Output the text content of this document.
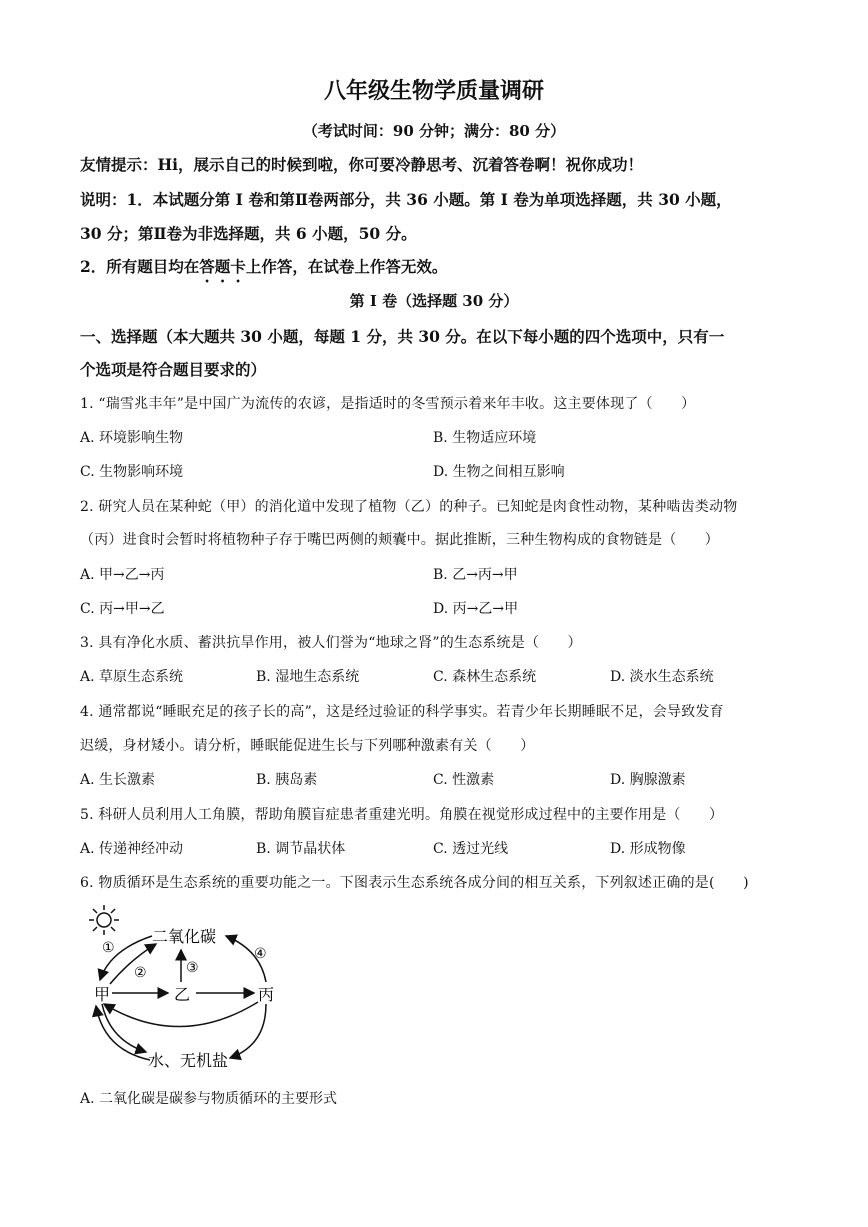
八年级生物学质量调研
（考试时间：90 分钟；满分：80 分）
友情提示：Hi，展示自己的时候到啦，你可要冷静思考、沉着答卷啊！祝你成功！
说明：1．本试题分第 I 卷和第Ⅱ卷两部分，共 36 小题。第 I 卷为单项选择题，共 30 小题，
30 分；第Ⅱ卷为非选择题，共 6 小题，50 分。
2．所有题目均在答题卡上作答，在试卷上作答无效。
第 I 卷（选择题 30 分）
一、选择题（本大题共 30 小题，每题 1 分，共 30 分。在以下每小题的四个选项中，只有一
个选项是符合题目要求的）
1. “瑞雪兆丰年”是中国广为流传的农谚，是指适时的冬雪预示着来年丰收。这主要体现了（　　）
A. 环境影响生物	B. 生物适应环境
C. 生物影响环境	D. 生物之间相互影响
2. 研究人员在某种蛇（甲）的消化道中发现了植物（乙）的种子。已知蛇是肉食性动物，某种啮齿类动物
（丙）进食时会暂时将植物种子存于嘴巴两侧的颊囊中。据此推断，三种生物构成的食物链是（　　）
A. 甲→乙→丙	B. 乙→丙→甲
C. 丙→甲→乙	D. 丙→乙→甲
3. 具有净化水质、蓄洪抗旱作用，被人们誉为“地球之肾”的生态系统是（　　）
A. 草原生态系统	B. 湿地生态系统	C. 森林生态系统	D. 淡水生态系统
4. 通常都说“睡眠充足的孩子长的高”，这是经过验证的科学事实。若青少年长期睡眠不足，会导致发育
迟缓，身材矮小。请分析，睡眠能促进生长与下列哪种激素有关（　　）
A. 生长激素	B. 胰岛素	C. 性激素	D. 胸腺激素
5. 科研人员利用人工角膜，帮助角膜盲症患者重建光明。角膜在视觉形成过程中的主要作用是（　　）
A. 传递神经冲动	B. 调节晶状体	C. 透过光线	D. 形成物像
6. 物质循环是生态系统的重要功能之一。下图表示生态系统各成分间的相互关系，下列叙述正确的是(　　)
二氧化碳
甲	乙	丙
水、无机盐
①
②	③
④
A. 二氧化碳是碳参与物质循环的主要形式
